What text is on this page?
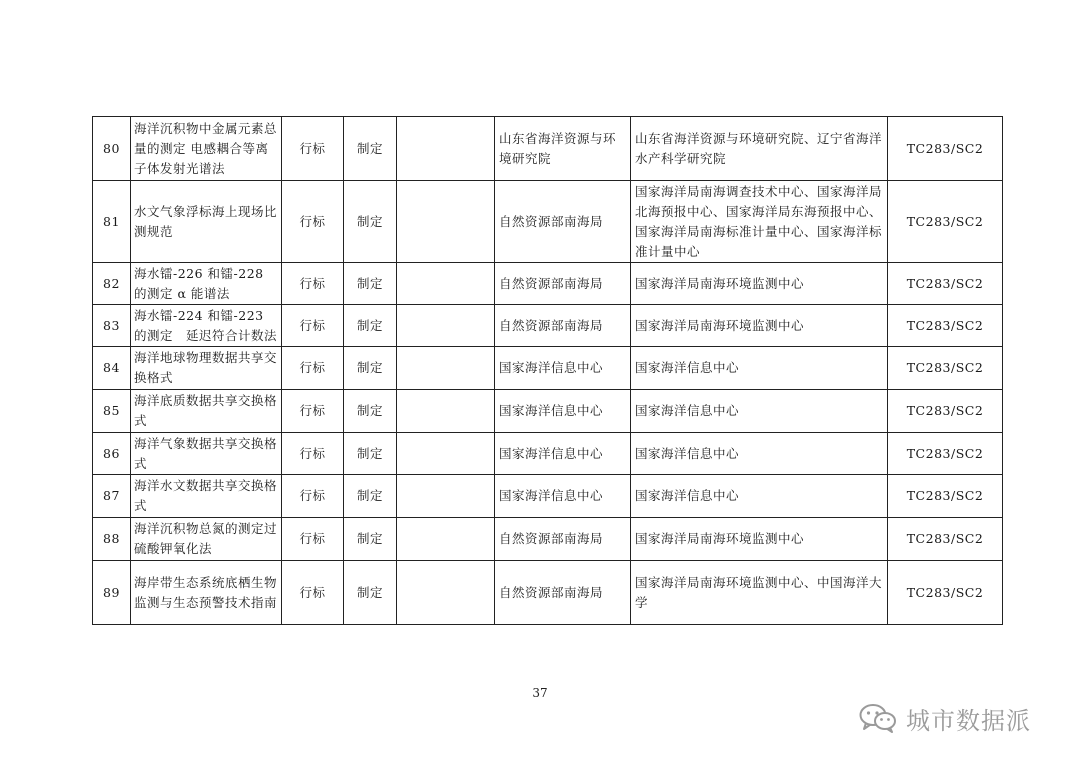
80	海洋沉积物中金属元素总量的测定 电感耦合等离子体发射光谱法	行标	制定		山东省海洋资源与环境研究院	山东省海洋资源与环境研究院、辽宁省海洋水产科学研究院	TC283/SC2
81	水文气象浮标海上现场比测规范	行标	制定		自然资源部南海局	国家海洋局南海调查技术中心、国家海洋局北海预报中心、国家海洋局东海预报中心、国家海洋局南海标准计量中心、国家海洋标准计量中心	TC283/SC2
82	海水镭-226 和镭-228 的测定 α 能谱法	行标	制定		自然资源部南海局	国家海洋局南海环境监测中心	TC283/SC2
83	海水镭-224 和镭-223 的测定　延迟符合计数法	行标	制定		自然资源部南海局	国家海洋局南海环境监测中心	TC283/SC2
84	海洋地球物理数据共享交换格式	行标	制定		国家海洋信息中心	国家海洋信息中心	TC283/SC2
85	海洋底质数据共享交换格式	行标	制定		国家海洋信息中心	国家海洋信息中心	TC283/SC2
86	海洋气象数据共享交换格式	行标	制定		国家海洋信息中心	国家海洋信息中心	TC283/SC2
87	海洋水文数据共享交换格式	行标	制定		国家海洋信息中心	国家海洋信息中心	TC283/SC2
88	海洋沉积物总氮的测定过硫酸钾氧化法	行标	制定		自然资源部南海局	国家海洋局南海环境监测中心	TC283/SC2
89	海岸带生态系统底栖生物监测与生态预警技术指南	行标	制定		自然资源部南海局	国家海洋局南海环境监测中心、中国海洋大学	TC283/SC2
37
城市数据派
